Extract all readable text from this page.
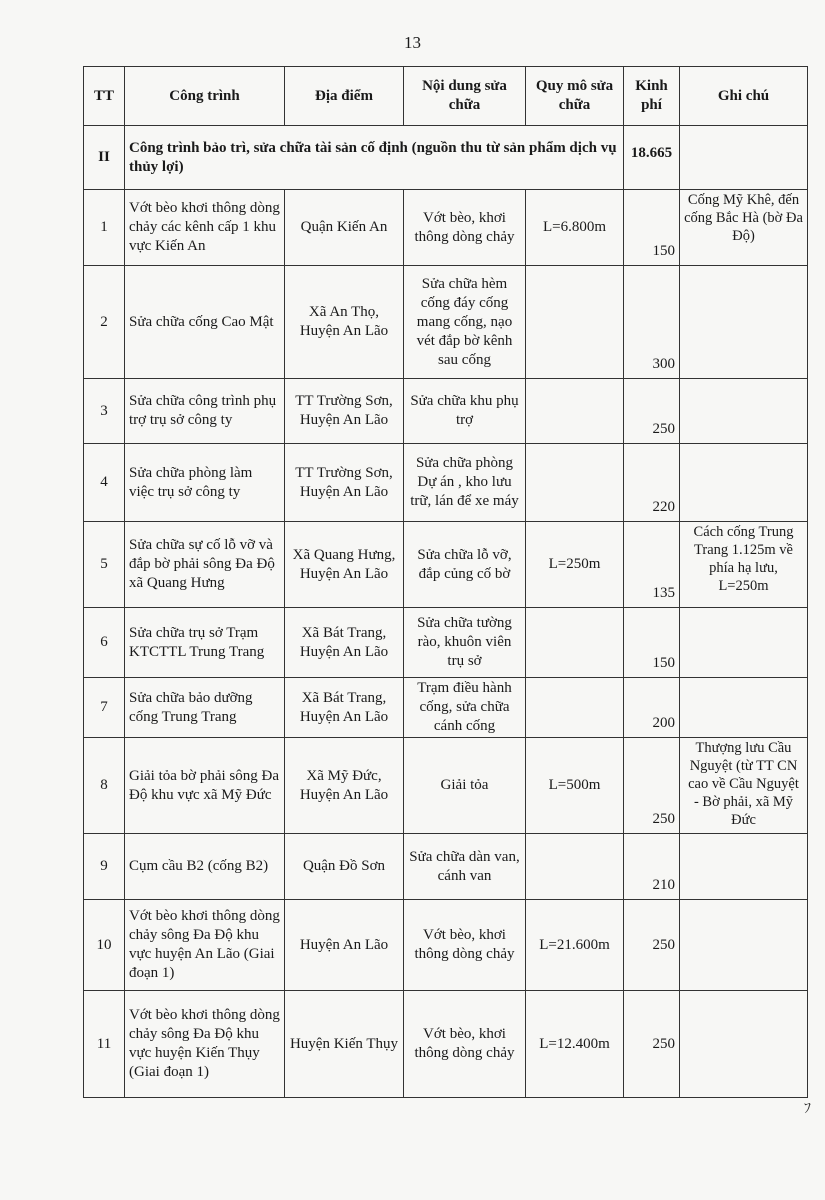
13
TT	Công trình	Địa điểm	Nội dung sửa chữa	Quy mô sửa chữa	Kinh phí	Ghi chú
II	Công trình bảo trì, sửa chữa tài sản cố định (nguồn thu từ sản phẩm dịch vụ thủy lợi)				18.665	
1	Vớt bèo khơi thông dòng chảy các kênh cấp 1 khu vực Kiến An	Quận Kiến An	Vớt bèo, khơi thông dòng chảy	L=6.800m	150	Cống Mỹ Khê, đến cống Bắc Hà (bờ Đa Độ)
2	Sửa chữa cống Cao Mật	Xã An Thọ, Huyện An Lão	Sửa chữa hèm cống đáy cống mang cống, nạo vét đắp bờ kênh sau cống		300	
3	Sửa chữa công trình phụ trợ trụ sở công ty	TT Trường Sơn, Huyện An Lão	Sửa chữa khu phụ trợ		250	
4	Sửa chữa phòng làm việc trụ sở công ty	TT Trường Sơn, Huyện An Lão	Sửa chữa phòng Dự án , kho lưu trữ, lán để xe máy		220	
5	Sửa chữa sự cố lỗ vỡ và đắp bờ phải sông Đa Độ xã Quang Hưng	Xã Quang Hưng, Huyện An Lão	Sửa chữa lỗ vỡ, đắp củng cố bờ	L=250m	135	Cách cống Trung Trang 1.125m về phía hạ lưu, L=250m
6	Sửa chữa trụ sở Trạm KTCTTL Trung Trang	Xã Bát Trang, Huyện An Lão	Sửa chữa tường rào, khuôn viên trụ sở		150	
7	Sửa chữa bảo dưỡng cống Trung Trang	Xã Bát Trang, Huyện An Lão	Trạm điều hành cống, sửa chữa cánh cống		200	
8	Giải tỏa bờ phải sông Đa Độ khu vực xã Mỹ Đức	Xã Mỹ Đức, Huyện An Lão	Giải tỏa	L=500m	250	Thượng lưu Cầu Nguyệt (từ TT CN cao về Cầu Nguyệt - Bờ phải, xã Mỹ Đức
9	Cụm cầu B2 (cống B2)	Quận Đồ Sơn	Sửa chữa dàn van, cánh van		210	
10	Vớt bèo khơi thông dòng chảy sông Đa Độ khu vực huyện An Lão (Giai đoạn 1)	Huyện An Lão	Vớt bèo, khơi thông dòng chảy	L=21.600m	250	
11	Vớt bèo khơi thông dòng chảy sông Đa Độ khu vực huyện Kiến Thụy (Giai đoạn 1)	Huyện Kiến Thụy	Vớt bèo, khơi thông dòng chảy	L=12.400m	250	
ﾌ
